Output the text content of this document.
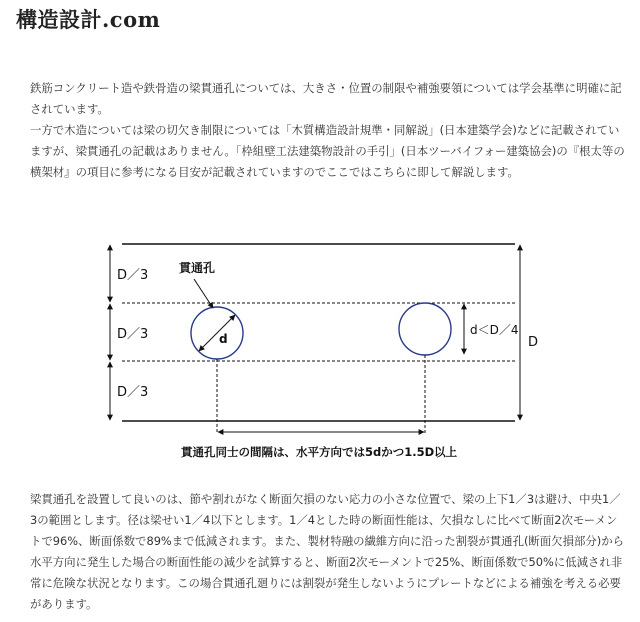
構造設計.com

鉄筋コンクリート造や鉄骨造の梁貫通孔については、大きさ・位置の制限や補強要領については学会基準に明確に記されています。

一方で木造については梁の切欠き制限については「木質構造設計規準・同解説」(日本建築学会)などに記載されていますが、梁貫通孔の記載はありません。「枠組壁工法建築物設計の手引」(日本ツーバイフォー建築協会)の『根太等の横架材』の項目に参考になる目安が記載されていますのでここではこちらに即して解説します。

D／3
D／3
D／3
d
貫通孔
d＜D／4
D
貫通孔同士の間隔は、水平方向では5dかつ1.5D以上

梁貫通孔を設置して良いのは、節や割れがなく断面欠損のない応力の小さな位置で、梁の上下1／3は避け、中央1／3の範囲とします。径は梁せい1／4以下とします。1／4とした時の断面性能は、欠損なしに比べて断面2次モーメントで96%、断面係数で89%まで低減されます。また、製材特融の繊維方向に沿った割裂が貫通孔(断面欠損部分)から水平方向に発生した場合の断面性能の減少を試算すると、断面2次モーメントで25%、断面係数で50%に低減され非常に危険な状況となります。この場合貫通孔廻りには割裂が発生しないようにプレートなどによる補強を考える必要があります。
